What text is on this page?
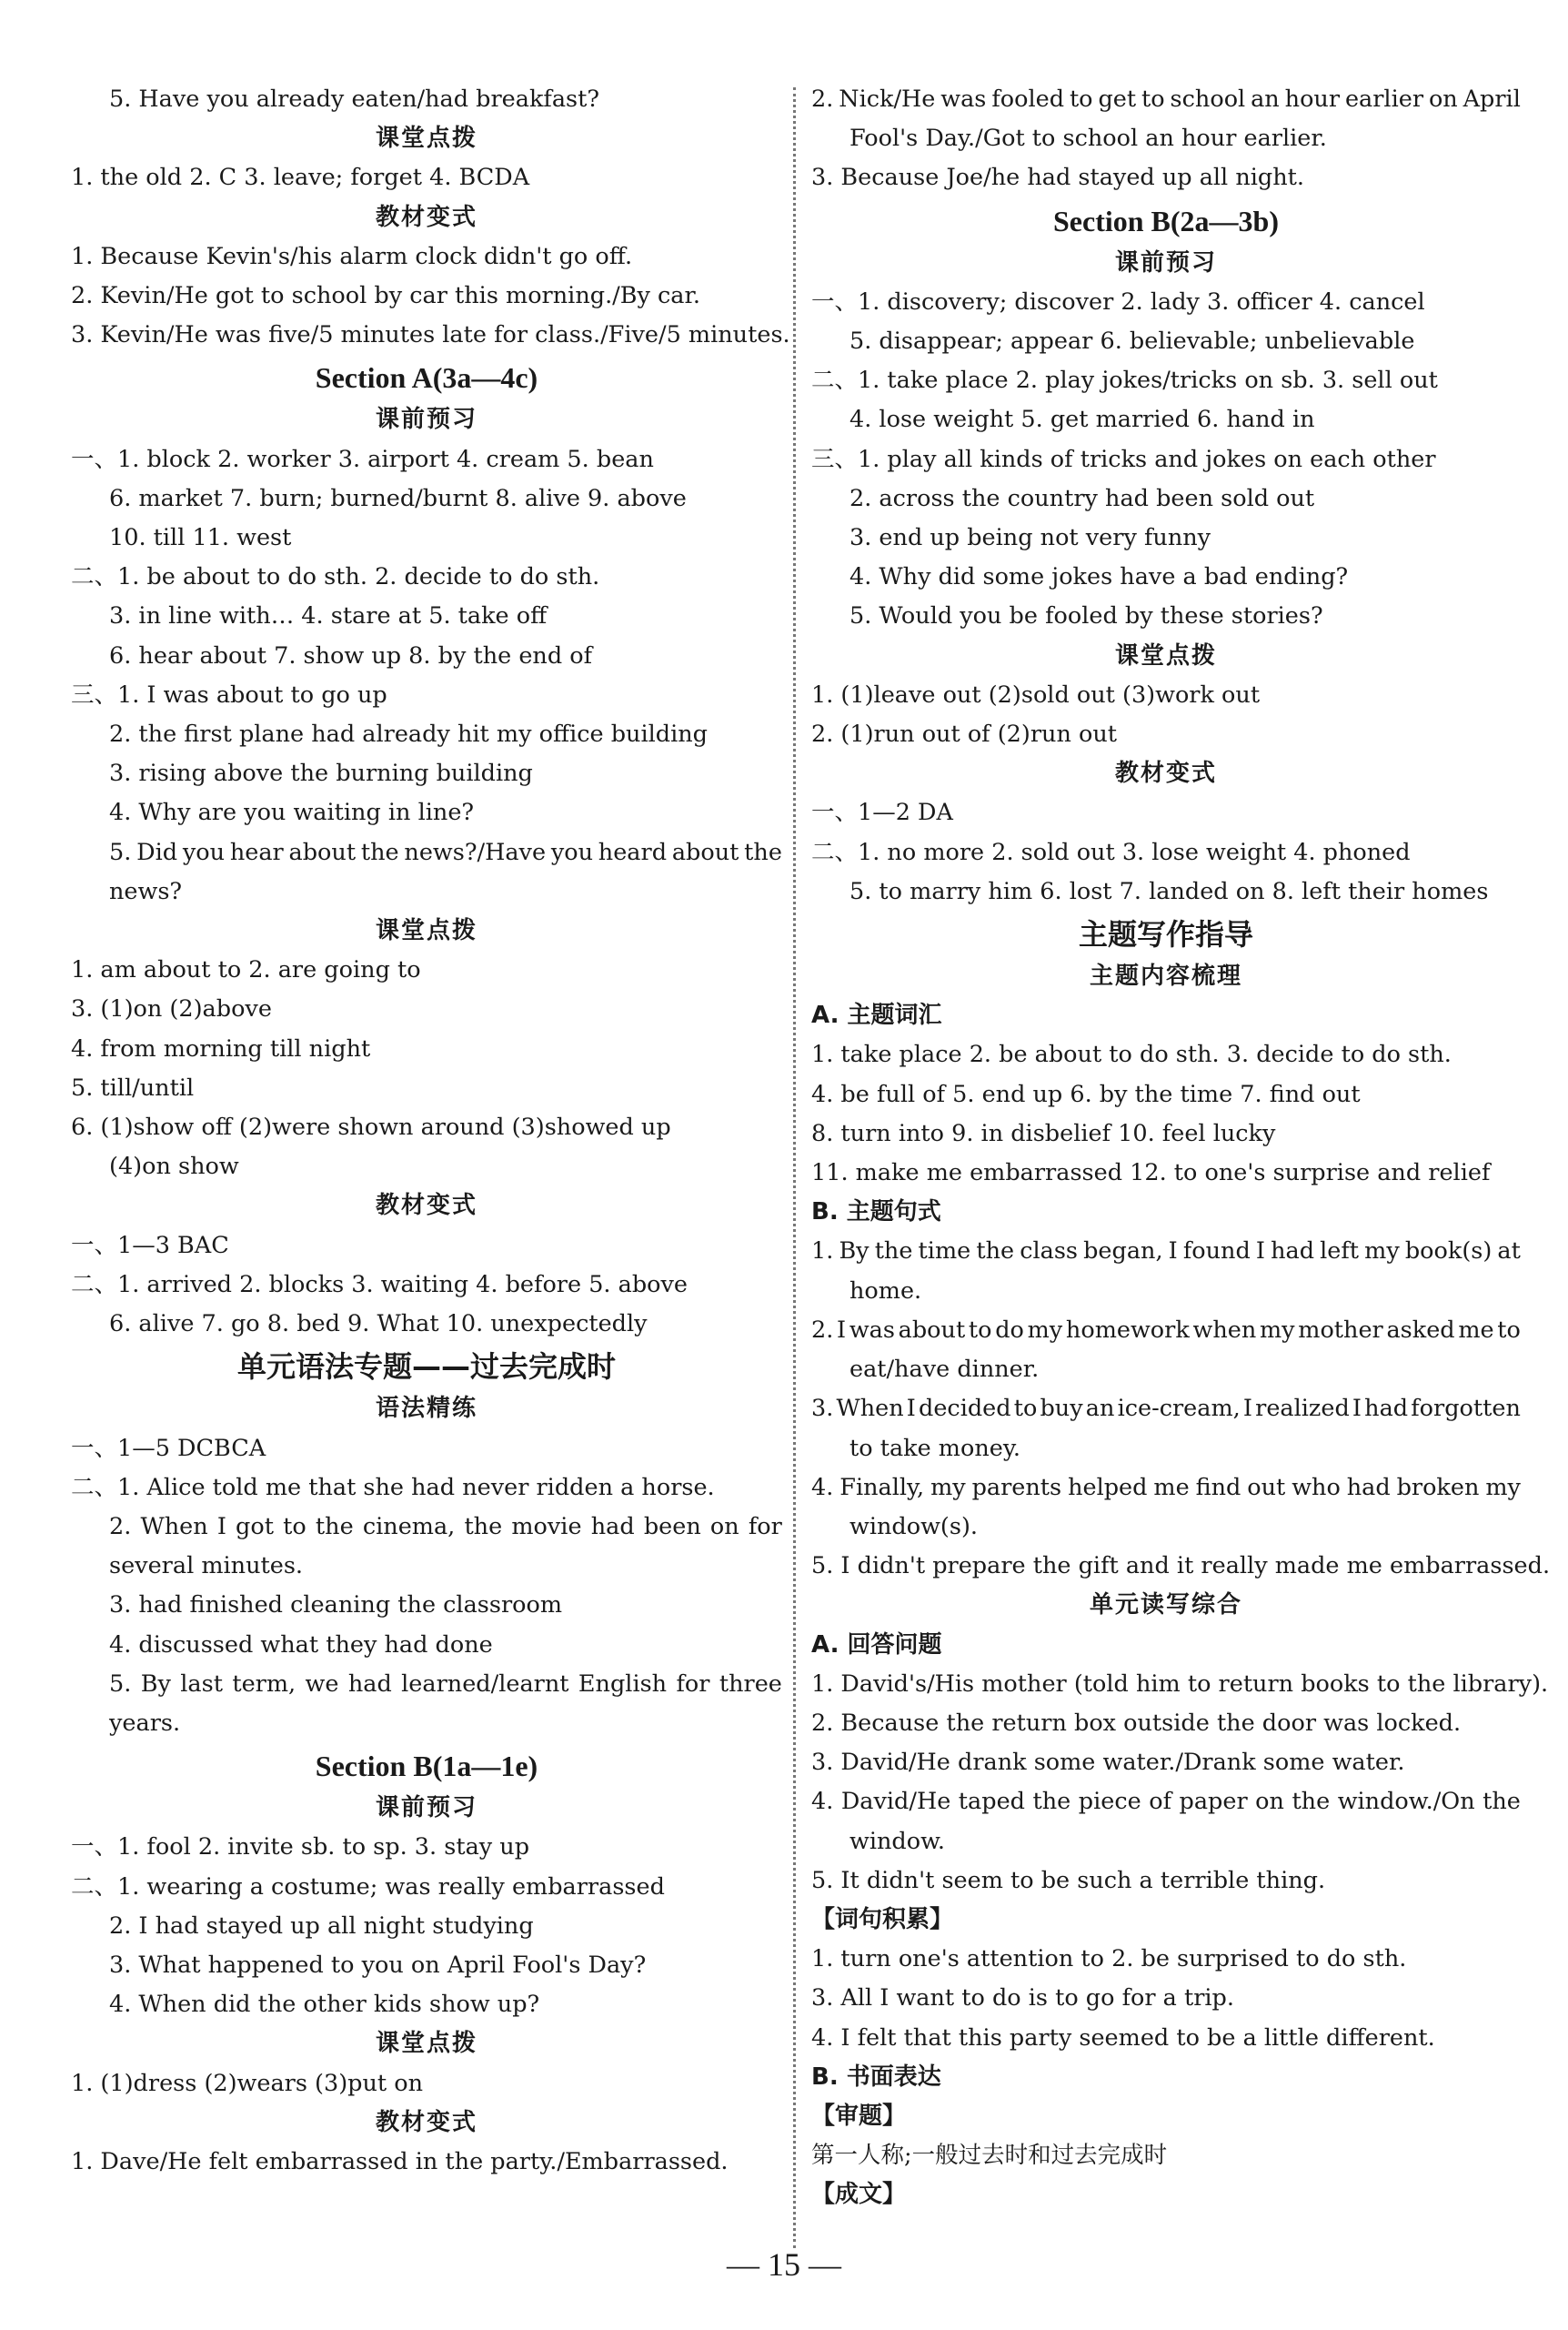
5. Have you already eaten/had breakfast?
课堂点拨
1. the old 2. C 3. leave; forget 4. BCDA
教材变式
1. Because Kevin's/his alarm clock didn't go off.
2. Kevin/He got to school by car this morning./By car.
3. Kevin/He was five/5 minutes late for class./Five/5 minutes.
Section A(3a—4c)
课前预习
一、1. block 2. worker 3. airport 4. cream 5. bean
6. market 7. burn; burned/burnt 8. alive 9. above
10. till 11. west
二、1. be about to do sth. 2. decide to do sth.
3. in line with… 4. stare at 5. take off
6. hear about 7. show up 8. by the end of
三、1. I was about to go up
2. the first plane had already hit my office building
3. rising above the burning building
4. Why are you waiting in line?
5. Did you hear about the news?/Have you heard about the
news?
课堂点拨
1. am about to 2. are going to
3. (1)on (2)above
4. from morning till night
5. till/until
6. (1)show off (2)were shown around (3)showed up
(4)on show
教材变式
一、1—3 BAC
二、1. arrived 2. blocks 3. waiting 4. before 5. above
6. alive 7. go 8. bed 9. What 10. unexpectedly
单元语法专题——过去完成时
语法精练
一、1—5 DCBCA
二、1. Alice told me that she had never ridden a horse.
2. When I got to the cinema, the movie had been on for
several minutes.
3. had finished cleaning the classroom
4. discussed what they had done
5. By last term, we had learned/learnt English for three
years.
Section B(1a—1e)
课前预习
一、1. fool 2. invite sb. to sp. 3. stay up
二、1. wearing a costume; was really embarrassed
2. I had stayed up all night studying
3. What happened to you on April Fool's Day?
4. When did the other kids show up?
课堂点拨
1. (1)dress (2)wears (3)put on
教材变式
1. Dave/He felt embarrassed in the party./Embarrassed.
2. Nick/He was fooled to get to school an hour earlier on April
Fool's Day./Got to school an hour earlier.
3. Because Joe/he had stayed up all night.
Section B(2a—3b)
课前预习
一、1. discovery; discover 2. lady 3. officer 4. cancel
5. disappear; appear 6. believable; unbelievable
二、1. take place 2. play jokes/tricks on sb. 3. sell out
4. lose weight 5. get married 6. hand in
三、1. play all kinds of tricks and jokes on each other
2. across the country had been sold out
3. end up being not very funny
4. Why did some jokes have a bad ending?
5. Would you be fooled by these stories?
课堂点拨
1. (1)leave out (2)sold out (3)work out
2. (1)run out of (2)run out
教材变式
一、1—2 DA
二、1. no more 2. sold out 3. lose weight 4. phoned
5. to marry him 6. lost 7. landed on 8. left their homes
主题写作指导
主题内容梳理
A. 主题词汇
1. take place 2. be about to do sth. 3. decide to do sth.
4. be full of 5. end up 6. by the time 7. find out
8. turn into 9. in disbelief 10. feel lucky
11. make me embarrassed 12. to one's surprise and relief
B. 主题句式
1. By the time the class began, I found I had left my book(s) at
home.
2. I was about to do my homework when my mother asked me to
eat/have dinner.
3. When I decided to buy an ice-cream, I realized I had forgotten
to take money.
4. Finally, my parents helped me find out who had broken my
window(s).
5. I didn't prepare the gift and it really made me embarrassed.
单元读写综合
A. 回答问题
1. David's/His mother (told him to return books to the library).
2. Because the return box outside the door was locked.
3. David/He drank some water./Drank some water.
4. David/He taped the piece of paper on the window./On the
window.
5. It didn't seem to be such a terrible thing.
【词句积累】
1. turn one's attention to 2. be surprised to do sth.
3. All I want to do is to go for a trip.
4. I felt that this party seemed to be a little different.
B. 书面表达
【审题】
第一人称;一般过去时和过去完成时
【成文】
— 15 —
